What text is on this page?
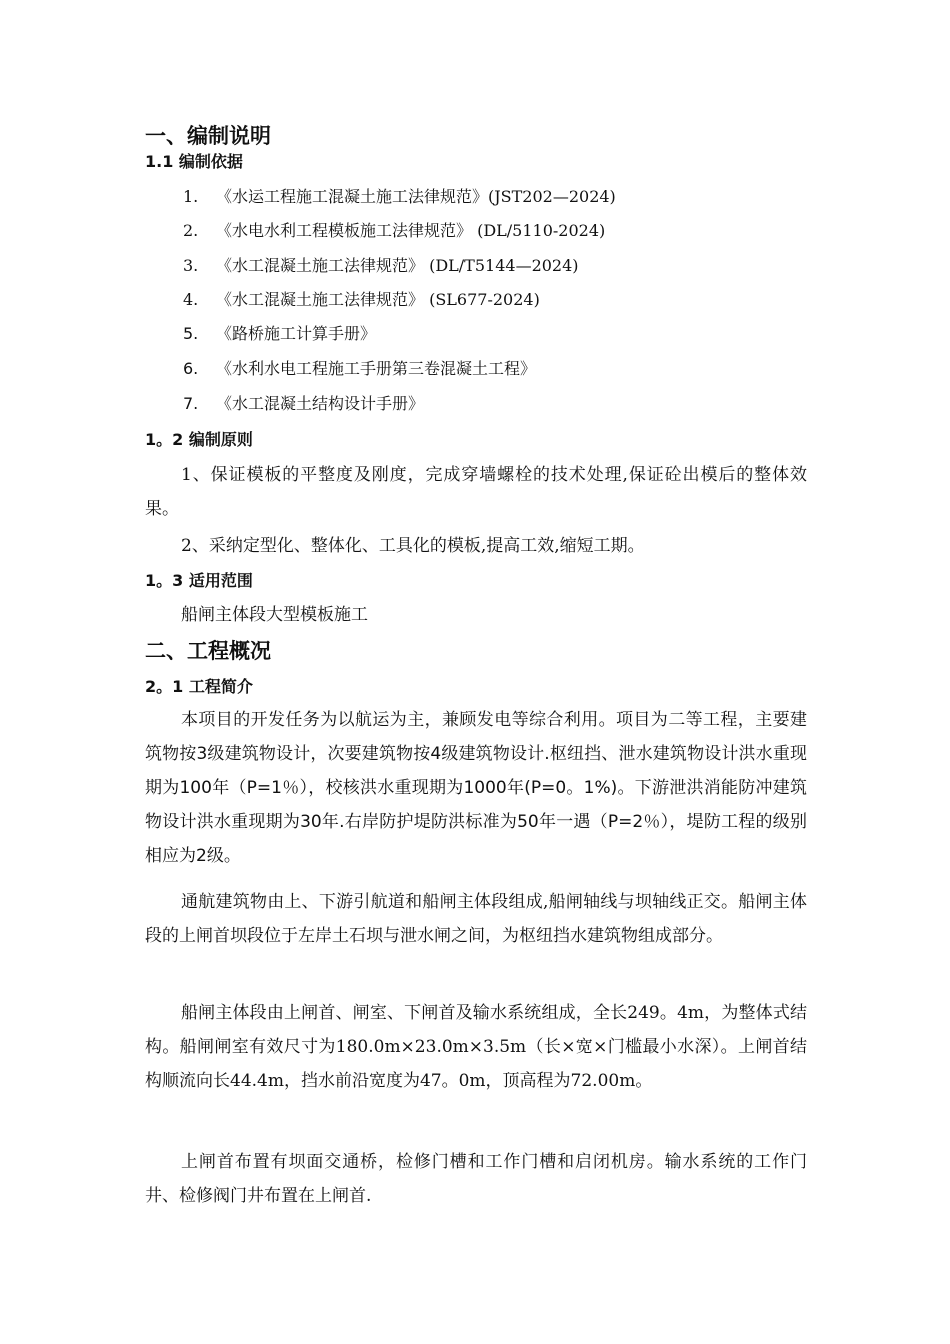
一、编制说明
1.1 编制依据
1. 《水运工程施工混凝土施工法律规范》(JST202—2024)
2. 《水电水利工程模板施工法律规范》 (DL/5110-2024)
3. 《水工混凝土施工法律规范》 (DL/T5144—2024)
4. 《水工混凝土施工法律规范》 (SL677-2024)
5. 《路桥施工计算手册》
6. 《水利水电工程施工手册第三卷混凝土工程》
7. 《水工混凝土结构设计手册》
1。2 编制原则

1、保证模板的平整度及刚度，完成穿墙螺栓的技术处理,保证砼出模后的整体效果。

2、采纳定型化、整体化、工具化的模板,提高工效,缩短工期。

1。3 适用范围

船闸主体段大型模板施工

二、工程概况
2。1 工程简介

本项目的开发任务为以航运为主，兼顾发电等综合利用。项目为二等工程，主要建筑物按3级建筑物设计，次要建筑物按4级建筑物设计.枢纽挡、泄水建筑物设计洪水重现期为100年（P=1％），校核洪水重现期为1000年(P=0。1%)。下游泄洪消能防冲建筑物设计洪水重现期为30年.右岸防护堤防洪标准为50年一遇（P=2％），堤防工程的级别相应为2级。

通航建筑物由上、下游引航道和船闸主体段组成,船闸轴线与坝轴线正交。船闸主体段的上闸首坝段位于左岸土石坝与泄水闸之间，为枢纽挡水建筑物组成部分。

船闸主体段由上闸首、闸室、下闸首及输水系统组成，全长249。4m，为整体式结构。船闸闸室有效尺寸为180.0m×23.0m×3.5m（长×宽×门槛最小水深）。上闸首结构顺流向长44.4m，挡水前沿宽度为47。0m，顶高程为72.00m。

上闸首布置有坝面交通桥，检修门槽和工作门槽和启闭机房。输水系统的工作门井、检修阀门井布置在上闸首.
